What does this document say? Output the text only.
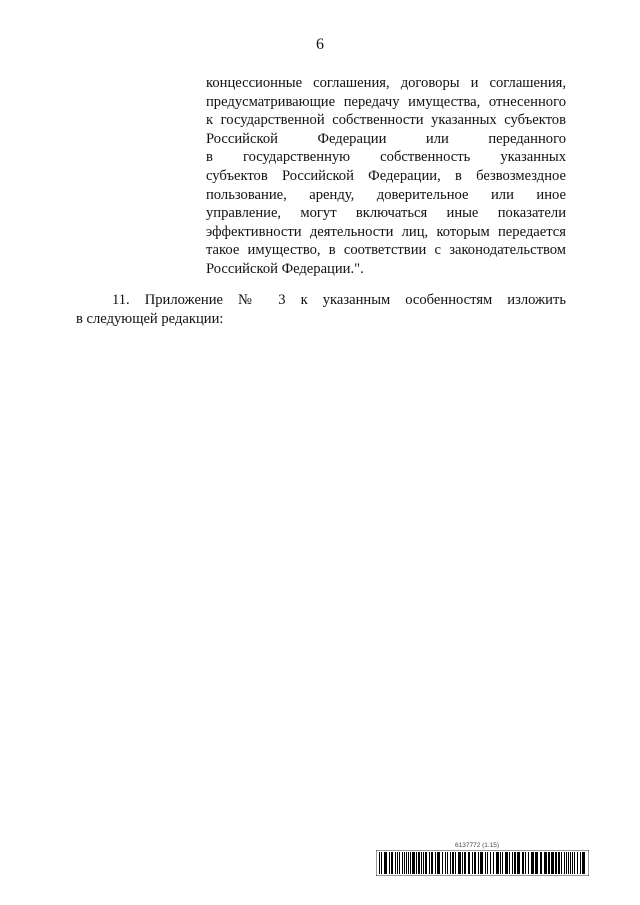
6
концессионные соглашения, договоры и соглашения,
предусматривающие передачу имущества, отнесенного
к государственной собственности указанных субъектов
Российской Федерации или переданного
в государственную собственность указанных
субъектов Российской Федерации, в безвозмездное
пользование, аренду, доверительное или иное
управление, могут включаться иные показатели
эффективности деятельности лиц, которым передается
такое имущество, в соответствии с законодательством
Российской Федерации.".
11. Приложение № 3 к указанным особенностям изложить
в следующей редакции:
6137772 (1.15)
